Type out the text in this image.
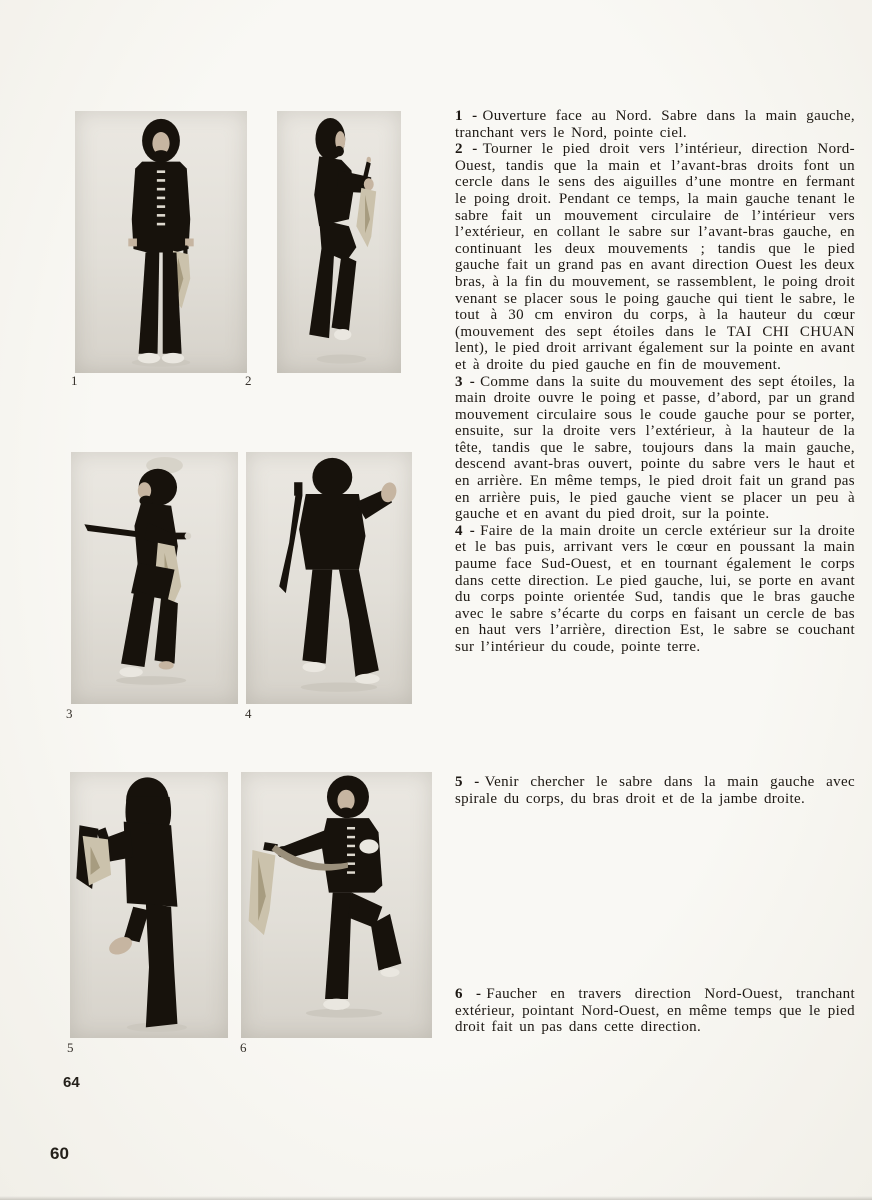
1	2
3	4
5	6

1 - Ouverture face au Nord. Sabre dans la main gauche, tranchant vers le Nord, pointe ciel.

2 - Tourner le pied droit vers l’intérieur, direction Nord-Ouest, tandis que la main et l’avant-bras droits font un cercle dans le sens des aiguilles d’une montre en fermant le poing droit. Pendant ce temps, la main gauche tenant le sabre fait un mouvement circulaire de l’intérieur vers l’extérieur, en collant le sabre sur l’avant-bras gauche, en continuant les deux mouvements ; tandis que le pied gauche fait un grand pas en avant direction Ouest les deux bras, à la fin du mouvement, se rassemblent, le poing droit venant se placer sous le poing gauche qui tient le sabre, le tout à 30 cm environ du corps, à la hauteur du cœur (mouvement des sept étoiles dans le TAI CHI CHUAN lent), le pied droit arrivant également sur la pointe en avant et à droite du pied gauche en fin de mouvement.

3 - Comme dans la suite du mouvement des sept étoiles, la main droite ouvre le poing et passe, d’abord, par un grand mouvement circulaire sous le coude gauche pour se porter, ensuite, sur la droite vers l’extérieur, à la hauteur de la tête, tandis que le sabre, toujours dans la main gauche, descend avant-bras ouvert, pointe du sabre vers le haut et en arrière. En même temps, le pied droit fait un grand pas en arrière puis, le pied gauche vient se placer un peu à gauche et en avant du pied droit, sur la pointe.

4 - Faire de la main droite un cercle extérieur sur la droite et le bas puis, arrivant vers le cœur en poussant la main paume face Sud-Ouest, et en tournant également le corps dans cette direction. Le pied gauche, lui, se porte en avant du corps pointe orientée Sud, tandis que le bras gauche avec le sabre s’écarte du corps en faisant un cercle de bas en haut vers l’arrière, direction Est, le sabre se couchant sur l’intérieur du coude, pointe terre.

5 - Venir chercher le sabre dans la main gauche avec spirale du corps, du bras droit et de la jambe droite.

6 - Faucher en travers direction Nord-Ouest, tranchant extérieur, pointant Nord-Ouest, en même temps que le pied droit fait un pas dans cette direction.

64
60
